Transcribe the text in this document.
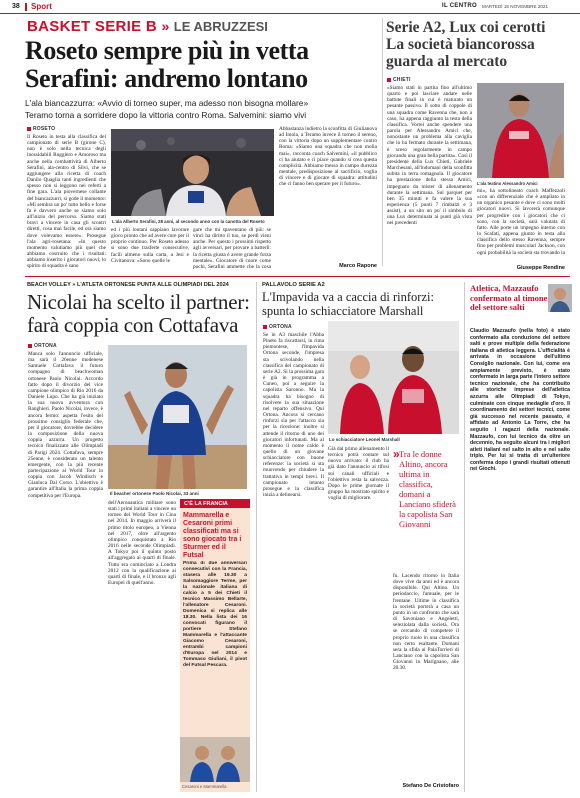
38 Sport	IL CENTRO MARTEDÌ 16 NOVEMBRE 2021
BASKET SERIE B » LE ABRUZZESI
Roseto sempre più in vetta
Serafini: andremo lontano
L'ala biancazzurra: «Avvio di torneo super, ma adesso non bisogna mollare»
Teramo torna a sorridere dopo la vittoria contro Roma. Salvemini: siamo vivi
ROSETO
Il Roseto in testa alla classifica del campionato di serie B (girone C), non è solo nella tecnica degli inossidabili Ruggiero e Amoroso ma anche nella combattività di Alberto Serafini, ala-centro di Silvi, che se aggiungere alla ricetta di coach Danilo Quaglia tanti ingredienti che spesso non si leggono nei referti a fine gara. L'ala piovernese collante del biancazzurri, si gode il momento: «Mi sembra un po' tutto bello e forse fa è davvero anche se siamo solo all'inizio del percorso. Siamo stati bravi a vincere in casa gli scontri diretti, cosa mai facile, ed ora siamo dove volevamo essere». Prosegue l'ala agri-rosetana: «In questo momento valutiamo più quel che abbiamo costruito che i risultati: abbiamo inserito i giocatori nuovi, lo spirito di squadra è sano
L'ala Alberto Serafini, 28 anni, al secondo anno con la canotta del Roseto
ed i più lontani sappiano lavorare gioco pronto che ad avere cure per il proprio continuo. Per Roseto adesso si sono due trasferte consecutive, facili almeno sulla carta, a Jesi e Civitanova: «Sono quelle le
gare che mi spaventano di più: se vinci ha diritto il tuo, se perdi vieni anche. Per questo i prossimi rispetto agli avversari, per provare a batterli: la ricetta giusta è avere grande forza mentale». Giocatore di cuore come pochi, Serafini ammette che la cosa
Abbastanza indietro la sconfitta di Giulianova ad Imola, a Teramo invece il torneo il sereno, con la vittoria dopo un supplementare contro Roma: «Siamo una squadra che non molla mai», racconta coach Salvemini, «il pubblico ci ha aiutato e ci piace quando si crea questa complicità. Abbiamo messo in campo durezza mentale, predisposizione al sacrificio, voglia di vincere e di giocare di squadra: attitudini che ci fanno ben sperare per il futuro».
Marco Rapone
Serie A2, Lux coi cerotti La società biancorossa guarda al mercato
CHIETI
«Siamo stati in partita fino all'ultimo quarto e poi lasciare andare nelle battute finali in cui è maturato un pesante passivo. Il sotto di coppole di una squadra come Ravenna che, non a caso, ha appena raggiunto la testa della classifica. Vorrei anche spendere una parola per Alessandro Amici che, nonostante un problema alla caviglia che lo ha fermato durante la settimana, è sceso regolarmente in campo giocando una gran bella partita». Così il presidente della Lux Chieti, Gabriele Marchesani, all'indomani della sconfitta subita in terra romagnola. Il giocatore ha prestazione della stessa Amici, impegnato da mister di allenamento durante la settimana. Sul parquet per ben 35 minuti e fa valere la sua esperienza (5 punti 7 rimbalzi e 3 assist), a un sito un po' il simbolo di una Lux determinata ai punti già vista nei precedenti
L'ala teatino Alessandro Amici
mi», ha sottolineato coach Maffezzoli «con un differenziale che è ampliato in un organico pesante e dove ci sono molti giocatori nuovi. Si lavorerà comunque per progredire con i giocatori che ci sono, con la società, sarà valutata di fatto. Alle porte un impegno interno con lo Scafati, appena giunto in testa alla classifica dello stesso Ravenna, sempre fino per problemi muscolari Jackson, con ogni probabilità la società sta trovando la
Giuseppe Rendine
BEACH VOLLEY » L'ATLETA ORTONESE PUNTA ALLE OLIMPIADI DEL 2024
Nicolai ha scelto il partner:
farà coppia con Cottafava
ORTONA
Manca solo l'annuncio ufficiale, ma sarà il 26enne modenese Samuele Cottafava il futuro compagno di beachwoman ortonese Paolo Nicolai. Accordo fatto dopo il divorzio del vice campione olimpico di Rio 2016 da Daniele Lupo. Che ha già iniziato la sua nuova avventura con Ranghieri. Paolo Nicolai, invece, è ancora fermo: aspetta l'esito del prossimo consiglio federale che, per il giocatore, dovrebbe decidere la composizione della nuova coppia azzurra. Un progetto tecnico finalizzato alle Olimpiadi di Parigi 2024. Cottafava, sempre 25enne, è considerato un talento emergente, con la più recente partecipazione al World Tour in coppia con Jacob Windisch e Gianluca Dal Corso. L'obiettivo è garantire all'Italia la prima coppia competitiva per l'Europa.	Il beacher ortonese Paolo Nicolai, 33 anni
dell'Aeronautica militare sono stati i primi italiani a vincere un torneo del World Tour in Cina nel 2014. In maggio arriverà il primo titolo europeo, a Vienna nel 2017, oltre all'argento olimpico conquistato a Rio 2016 nelle seconde Olimpiadi. A Tokyo poi il quinto posto all'aggregato ai quarti di finale. Tutto era cominciato a Londra 2012 con la qualificazione ai quarti di finale, e il bronzo agli Europei di quell'anno.
C'È LA FRANCIA
Mammarella e Cesaroni primi classificati ma si sono giocato tra i Sturmer ed il Futsal
Prima di due anniversari consecutivi con la Francia, stasera alle 19.30 a Salsomaggiore Terme, per la nazionale italiana di calcio a 5 dei Chieti il tecnico Massimo Bellarte, l'allenatore Cesaroni. Domenica si replica alle 18.30. Nella lista dei 16 convocati figurano il portiere Stefano Mammarella e l'attaccante Giacomo Cesaroni, entrambi campioni d'Europa nel 2014 e Tommaso Giuliani, il pivot del Futsal Pescara.
Cesaroni e Mammarella
PALLAVOLO SERIE A2
L'Impavida va a caccia di rinforzi:
spunta lo schiacciatore Marshall
ORTONA
Se in A3 maschile l'Abba Pineto fa riscattarsi, in rima piemontese, l'Impavida Ortona seconde, l'impresa sta scivolando nella classifica del campionato di serie A2. Si la prossima gara è già in programma a Cuneo, poi a seguire la capolista Saronno. Ma la squadra ha bisogno di risolvere la sua situazione nel reparto offensivo. Qui Ortona. Ancora si cercano rinforzi sia per l'attacco sia per la ricezione: inoltre si attende il ritorno di uno dei giocatori infortunati. Ma al momento il nome caldo è quello di un giovane schiacciatore con buone referenze: la società si sta muovendo per chiudere la trattativa in tempi brevi. Il campionato intanto prosegue e la classifica inizia a delinearsi.
Lo schiacciatore Leonel Marshall
Già dal primo allenamento il tecnico potrà contare sul nuovo arrivato: il club ha già dato l'annuncio ai tifosi sui canali ufficiali e l'obiettivo resta la salvezza. Dopo le prime giornate il gruppo ha mostrato spirito e voglia di migliorare.
» Tra le donne Altino, ancora ultima in classifica, domani a Lanciano sfiderà la capolista San Giovanni
fu. Lacendo ritorno in Italia dove vive da anni ed è ancora disponibile. Qui Altino. Un periodaccio, l'amuale, per le frentane. Ultime in classifica la società porterà a casa un punto in un confronto che sarà di Savoniano e Angeletti, seleziolata dalla società. Ora se cercando di competere il proprio ruolo in una classifica non certo esaltante. Domani sera la sfida al PalaTorrieri di Lanciano con la capolista San Giovanni in Marignano, alle 20.30.
Stefano De Cristofaro
Atletica, Mazzaufo confermato al timone del settore salti
Claudio Mazzaufo (nella foto) è stato confermato alla conduzione del settore salti e prove multiple della federazione italiana di atletica leggera. L'ufficialità è arrivata in occasione dell'ultimo Consiglio nazionale. Con lui, come era ampiamente previsto, è stato confermato in larga parte l'intero settore tecnico nazionale, che ha contribuito alle storiche imprese dell'atletica azzurra alle Olimpiadi di Tokyo, culminate con cinque medaglie d'oro. Il coordinamento dei settori tecnici, come già successo nel recente passato, è affidato ad Antonio La Torre, che ha seguito i ragazzi della nazionale. Mazzaufo, con lui tecnico da oltre un decennio, ha seguito alcuni tra i migliori atleti italiani nel salto in alto e nel salto triplo. Per lui si tratta di un'ulteriore conferma dopo i grandi risultati ottenuti nei Giochi.
